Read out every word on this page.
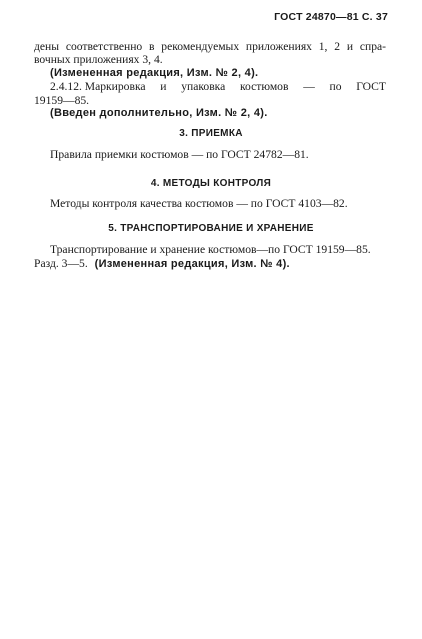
ГОСТ 24870—81 С. 37
дены соответственно в рекомендуемых приложениях 1, 2 и спра-
вочных приложениях 3, 4.
(Измененная редакция, Изм. № 2, 4).
2.4.12. Маркировка и упаковка костюмов — по ГОСТ
19159—85.
(Введен дополнительно, Изм. № 2, 4).
3. ПРИЕМКА
Правила приемки костюмов — по ГОСТ 24782—81.
4. МЕТОДЫ КОНТРОЛЯ
Методы контроля качества костюмов — по ГОСТ 4103—82.
5. ТРАНСПОРТИРОВАНИЕ И ХРАНЕНИЕ
Транспортирование и хранение костюмов—по ГОСТ 19159—85.
Разд. 3—5. (Измененная редакция, Изм. № 4).
